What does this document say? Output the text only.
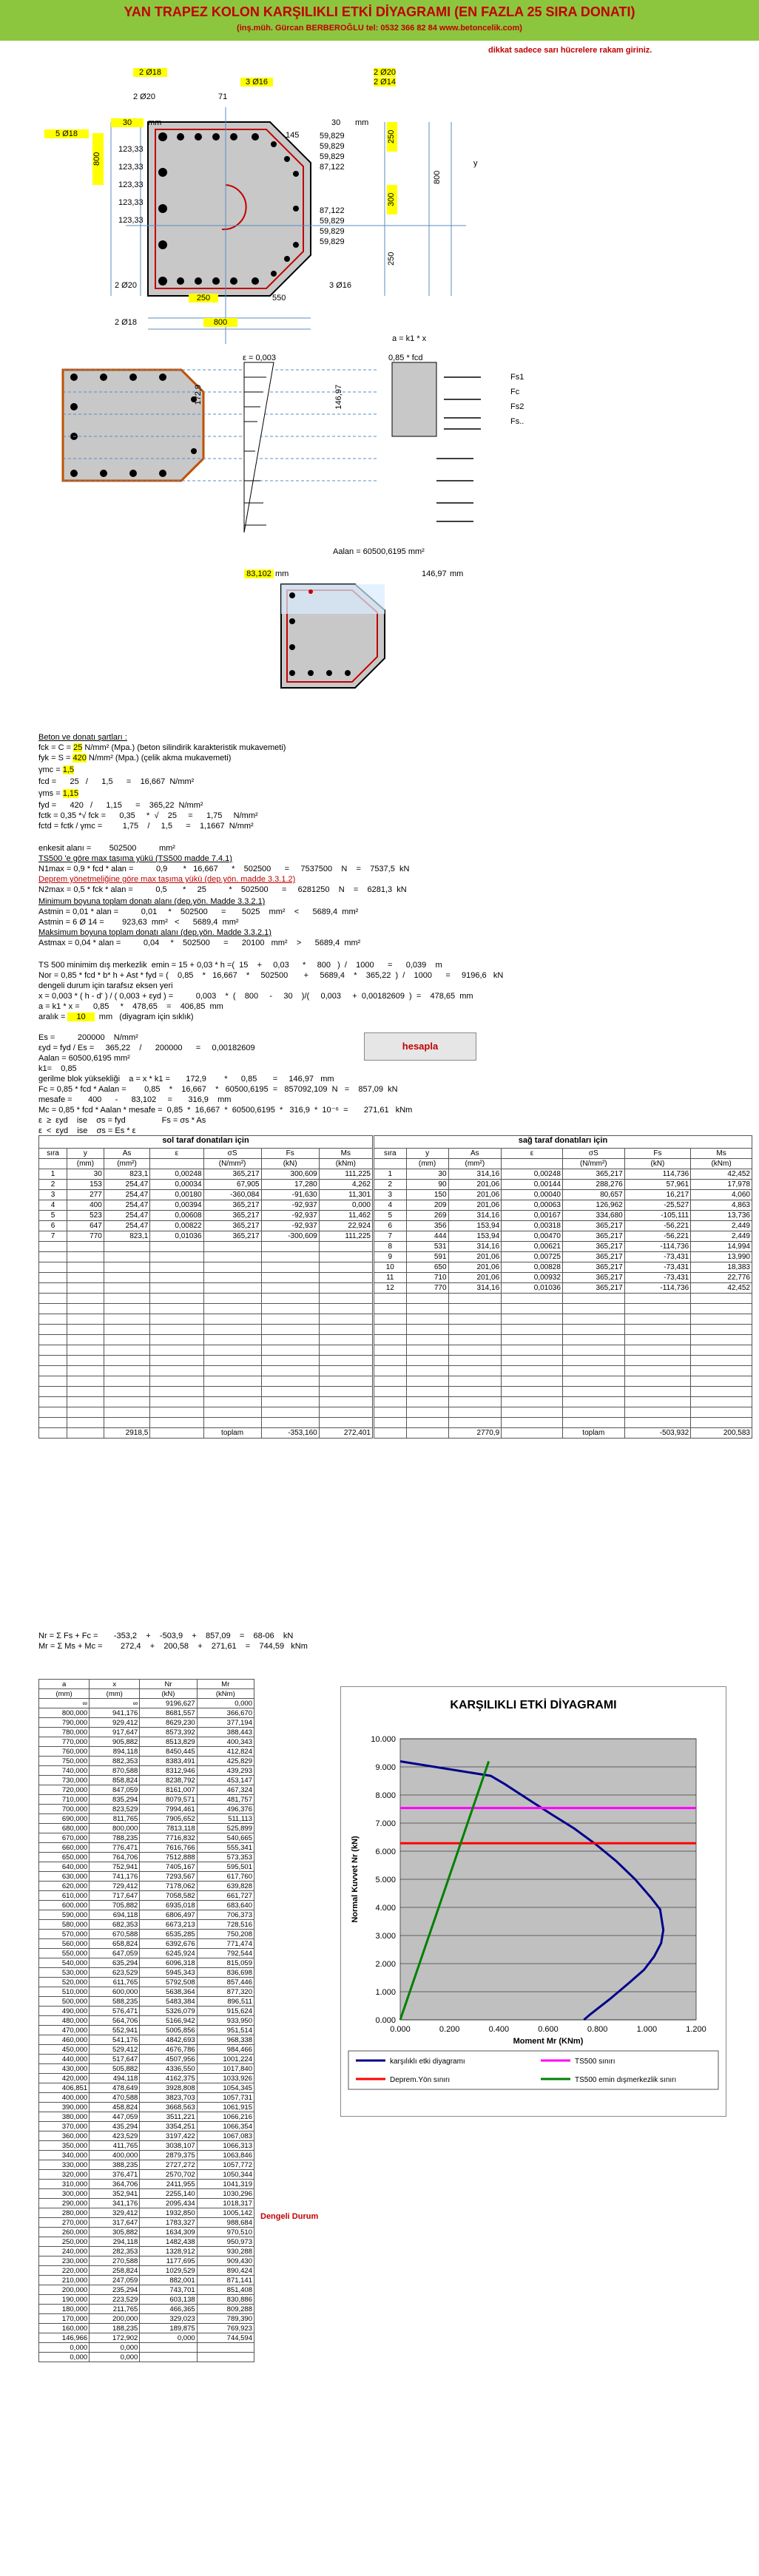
YAN TRAPEZ KOLON KARŞILIKLI ETKİ DİYAGRAMI (EN FAZLA 25 SIRA DONATI)
(inş.müh. Gürcan BERBEROĞLU tel: 0532 366 82 84 www.betoncelik.com)
dikkat sadece sarı hücrelere rakam giriniz.
2 Ø18
2 Ø20
3 Ø16
2 Ø20
2 Ø14
71
30	mm	30 mm
5 Ø18	145
800
123,33
123,33
123,33
123,33
123,33
59,829
59,829
59,829
87,122
87,122
59,829
59,829
59,829
250
300
250
800
y
2 Ø20	3 Ø16
250	550
2 Ø18	800
a = k1 * x
ε = 0,003	0,85 * fcd
172,9	146,97
Fs1
Fc
Fs2
Fs..
Aalan = 60500,6195 mm²
83,102 mm	146,97 mm
Beton ve donatı şartları :
fck = C = 25 N/mm² (Mpa.) (beton silindirik karakteristik mukavemeti)
fyk = S = 420 N/mm² (Mpa.) (çelik akma mukavemeti)
γmc = 1,5
fcd =      25   /      1,5      =    16,667  N/mm²
γms = 1,15
fyd =      420   /      1,15      =    365,22  N/mm²
fctk = 0,35 *√ fck =      0,35     *  √    25     =      1,75     N/mm²
fctd = fctk / γmc =         1,75    /     1,5      =    1,1667  N/mm²
enkesit alanı =        502500          mm²
TS500 'e göre max taşıma yükü (TS500 madde 7.4.1)
N1max = 0,9 * fcd * alan =          0,9       *   16,667      *    502500      =     7537500    N    =    7537,5  kN
Deprem yönetmeliğine göre max taşıma yükü (dep.yön. madde 3.3.1.2)
N2max = 0,5 * fck * alan =          0,5       *     25          *    502500      =     6281250    N    =    6281,3  kN
Minimum boyuna toplam donatı alanı (dep.yön. Madde 3.3.2.1)
Astmin = 0,01 * alan =          0,01     *    502500      =       5025    mm²    <      5689,4  mm²
Astmin = 6 Ø 14 =        923,63  mm²   <      5689,4  mm²
Maksimum boyuna toplam donatı alanı (dep.yön. Madde 3.3.2.1)
Astmax = 0,04 * alan =          0,04     *    502500      =      20100   mm²    >      5689,4  mm²
TS 500 minimim dış merkezlik  emin = 15 + 0,03 * h =(  15    +     0,03      *     800   )  /    1000      =      0,039    m
Nor = 0,85 * fcd * b* h + Ast * fyd = (    0,85    *   16,667    *     502500       +     5689,4    *    365,22  )  /    1000      =     9196,6   kN
dengeli durum için tarafsız eksen yeri
x = 0,003 * ( h - d' ) / ( 0,003 + εyd ) =          0,003    *  (    800     -     30    )/(     0,003     +  0,00182609  )  =    478,65  mm
a = k1 * x =      0,85     *    478,65    =    406,85  mm
aralık = 10  mm   (diyagram için sıklık)
Es =          200000    N/mm²
εyd = fyd / Es =     365,22    /      200000      =     0,00182609
Aalan = 60500,6195 mm²
k1=    0,85
gerilme blok yüksekliği    a = x * k1 =       172,9        *      0,85       =     146,97   mm
Fc = 0,85 * fcd * Aalan =        0,85    *    16,667    *   60500,6195  =   857092,109  N   =    857,09  kN
mesafe =       400      -      83,102     =       316,9    mm
Mc = 0,85 * fcd * Aalan * mesafe =  0,85  *  16,667  *  60500,6195  *   316,9  *  10⁻⁶  =       271,61   kNm
ε  ≥  εyd    ise    σs = fyd                Fs = σs * As
ε  <  εyd    ise    σs = Es * ε
hesapla
sol taraf donatıları için	sağ taraf donatıları için
sıra	y	As	ε	σS	Fs	Ms
	(mm)	(mm²)		(N/mm²)	(kN)	(kNm)
1	30	823,1	0,00248	365,217	300,609	111,225
2	153	254,47	0,00034	67,905	17,280	4,262
3	277	254,47	0,00180	-360,084	-91,630	11,301
4	400	254,47	0,00394	365,217	-92,937	0,000
5	523	254,47	0,00608	365,217	-92,937	11,462
6	647	254,47	0,00822	365,217	-92,937	22,924
7	770	823,1	0,01036	365,217	-300,609	111,225

		2918,5		toplam	-353,160	272,401
sıra	y	As	ε	σS	Fs	Ms
	(mm)	(mm²)		(N/mm²)	(kN)	(kNm)
1	30	314,16	0,00248	365,217	114,736	42,452
2	90	201,06	0,00144	288,276	57,961	17,978
3	150	201,06	0,00040	80,657	16,217	4,060
4	209	201,06	0,00063	126,962	-25,527	4,863
5	269	314,16	0,00167	334,680	-105,111	13,736
6	356	153,94	0,00318	365,217	-56,221	2,449
7	444	153,94	0,00470	365,217	-56,221	2,449
8	531	314,16	0,00621	365,217	-114,736	14,994
9	591	201,06	0,00725	365,217	-73,431	13,990
10	650	201,06	0,00828	365,217	-73,431	18,383
11	710	201,06	0,00932	365,217	-73,431	22,776
12	770	314,16	0,01036	365,217	-114,736	42,452

		2770,9		toplam	-503,932	200,583
Nr = Σ Fs + Fc =       -353,2    +    -503,9    +    857,09    =    68-06    kN
Mr = Σ Ms + Mc =        272,4    +    200,58    +    271,61    =    744,59   kNm
a	x	Nr	Mr
(mm)	(mm)	(kN)	(kNm)
∞	∞	9196,627	0,000
800,000	941,176	8681,557	366,670
790,000	929,412	8629,230	377,194
780,000	917,647	8573,392	388,443
770,000	905,882	8513,829	400,343
760,000	894,118	8450,445	412,824
750,000	882,353	8383,491	425,829
740,000	870,588	8312,946	439,293
730,000	858,824	8238,792	453,147
720,000	847,059	8161,007	467,324
710,000	835,294	8079,571	481,757
700,000	823,529	7994,461	496,376
690,000	811,765	7905,652	511,113
680,000	800,000	7813,118	525,899
670,000	788,235	7716,832	540,665
660,000	776,471	7616,766	555,341
650,000	764,706	7512,888	573,353
640,000	752,941	7405,167	595,501
630,000	741,176	7293,567	617,760
620,000	729,412	7178,062	639,828
610,000	717,647	7058,582	661,727
600,000	705,882	6935,018	683,640
590,000	694,118	6806,497	706,373
580,000	682,353	6673,213	728,516
570,000	670,588	6535,285	750,208
560,000	658,824	6392,676	771,474
550,000	647,059	6245,924	792,544
540,000	635,294	6096,318	815,059
530,000	623,529	5945,343	836,698
520,000	611,765	5792,508	857,446
510,000	600,000	5638,364	877,320
500,000	588,235	5483,384	896,511
490,000	576,471	5326,079	915,624
480,000	564,706	5166,942	933,950
470,000	552,941	5005,856	951,514
460,000	541,176	4842,693	968,338
450,000	529,412	4676,786	984,466
440,000	517,647	4507,956	1001,224
430,000	505,882	4336,550	1017,840
420,000	494,118	4162,375	1033,926
406,851	478,649	3928,808	1054,345
400,000	470,588	3823,703	1057,731
390,000	458,824	3668,563	1061,915
380,000	447,059	3511,221	1066,216
370,000	435,294	3354,251	1066,354
360,000	423,529	3197,422	1067,083
350,000	411,765	3038,107	1066,313
340,000	400,000	2879,375	1063,846
330,000	388,235	2727,272	1057,772
320,000	376,471	2570,702	1050,344
310,000	364,706	2411,955	1041,319
300,000	352,941	2255,140	1030,296
290,000	341,176	2095,434	1018,317
280,000	329,412	1932,850	1005,142
270,000	317,647	1783,327	988,684
260,000	305,882	1634,309	970,510
250,000	294,118	1482,438	950,973
240,000	282,353	1328,912	930,288
230,000	270,588	1177,695	909,430
220,000	258,824	1029,529	890,424
210,000	247,059	882,001	871,141
200,000	235,294	743,701	851,408
190,000	223,529	603,138	830,886
180,000	211,765	466,365	809,288
170,000	200,000	329,023	789,390
160,000	188,235	189,875	769,923
146,966	172,902	0,000	744,594
0,000	0,000		
0,000	0,000		
Dengeli Durum
KARŞILIKLI ETKİ DİYAGRAMI
0.000
1.000
2.000
3.000
4.000
5.000
6.000
7.000
8.000
9.000
10.000
0.000	0.200	0.400	0.600	0.800	1.000	1.200
Moment Mr (KNm)
Normal Kuvvet Nr (kN)
karşılıklı etki diyagramı	TS500 sınırı
Deprem.Yön sınırı	TS500 emin dışmerkezlik sınırı
